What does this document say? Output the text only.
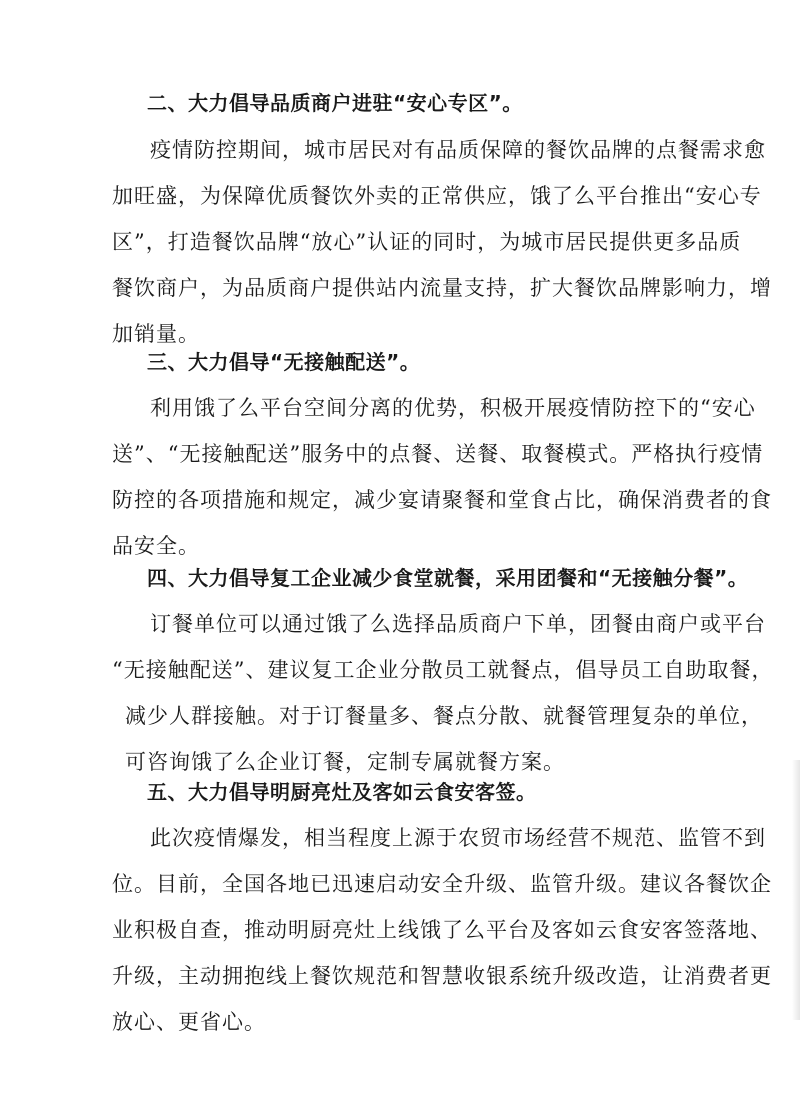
二、大力倡导品质商户进驻“安心专区”。
疫情防控期间，城市居民对有品质保障的餐饮品牌的点餐需求愈
加旺盛，为保障优质餐饮外卖的正常供应，饿了么平台推出“安心专
区”，打造餐饮品牌“放心”认证的同时，为城市居民提供更多品质
餐饮商户，为品质商户提供站内流量支持，扩大餐饮品牌影响力，增
加销量。
三、大力倡导“无接触配送”。
利用饿了么平台空间分离的优势，积极开展疫情防控下的“安心
送”、“无接触配送”服务中的点餐、送餐、取餐模式。严格执行疫情
防控的各项措施和规定，减少宴请聚餐和堂食占比，确保消费者的食
品安全。
四、大力倡导复工企业减少食堂就餐，采用团餐和“无接触分餐”。
订餐单位可以通过饿了么选择品质商户下单，团餐由商户或平台
“无接触配送”、建议复工企业分散员工就餐点，倡导员工自助取餐，
减少人群接触。对于订餐量多、餐点分散、就餐管理复杂的单位，
可咨询饿了么企业订餐，定制专属就餐方案。
五、大力倡导明厨亮灶及客如云食安客签。
此次疫情爆发，相当程度上源于农贸市场经营不规范、监管不到
位。目前，全国各地已迅速启动安全升级、监管升级。建议各餐饮企
业积极自查，推动明厨亮灶上线饿了么平台及客如云食安客签落地、
升级，主动拥抱线上餐饮规范和智慧收银系统升级改造，让消费者更
放心、更省心。
